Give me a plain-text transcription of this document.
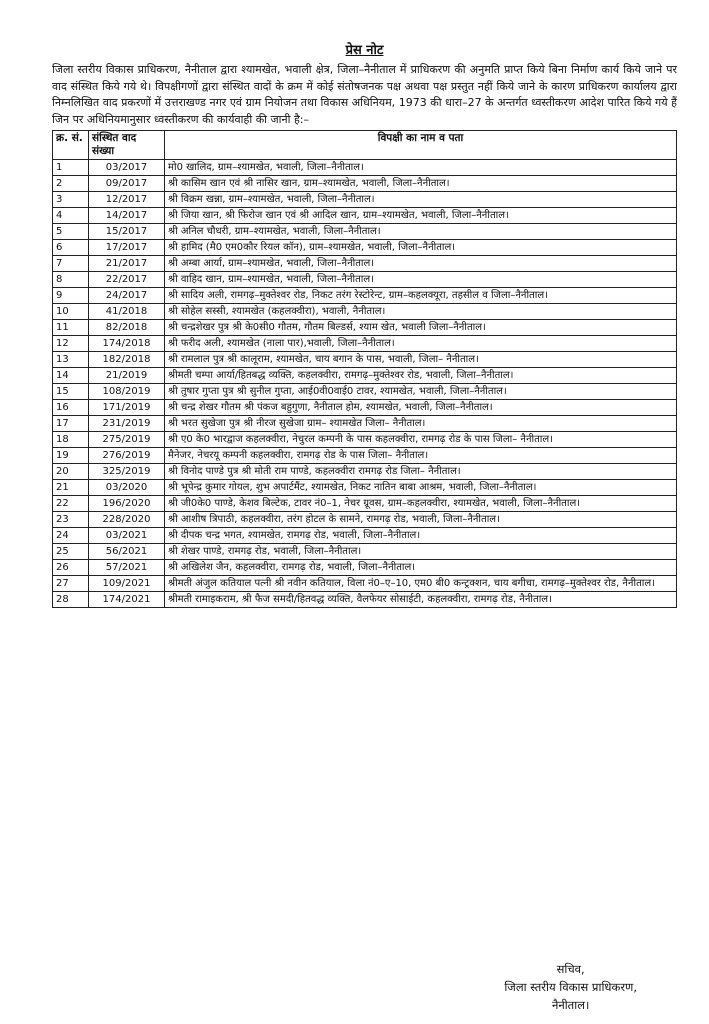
प्रेस नोट
जिला स्तरीय विकास प्राधिकरण, नैनीताल द्वारा श्यामखेत, भवाली क्षेत्र, जिला–नैनीताल में प्राधिकरण की अनुमति प्राप्त किये बिना निर्माण कार्य किये जाने पर वाद संस्थित किये गये थे। विपक्षीगणों द्वारा संस्थित वादों के क्रम में कोई संतोषजनक पक्ष अथवा पक्ष प्रस्तुत नहीं किये जाने के कारण प्राधिकरण कार्यालय द्वारा निम्नलिखित वाद प्रकरणों में उत्तराखण्ड नगर एवं ग्राम नियोजन तथा विकास अधिनियम, 1973 की धारा–27 के अन्तर्गत ध्वस्तीकरण आदेश पारित किये गये हैं जिन पर अधिनियमानुसार ध्वस्तीकरण की कार्यवाही की जानी है:–
क्र. सं.	संस्थित वाद संख्या	विपक्षी का नाम व पता
1	03/2017	मो0 खालिद, ग्राम–श्यामखेत, भवाली, जिला–नैनीताल।
2	09/2017	श्री कासिम खान एवं श्री नासिर खान, ग्राम–श्यामखेत, भवाली, जिला–नैनीताल।
3	12/2017	श्री विक्रम खन्ना, ग्राम–श्यामखेत, भवाली, जिला–नैनीताल।
4	14/2017	श्री जिया खान, श्री फिरोज खान एवं श्री आदिल खान, ग्राम–श्यामखेत, भवाली, जिला–नैनीताल।
5	15/2017	श्री अनिल चौधरी, ग्राम–श्यामखेत, भवाली, जिला–नैनीताल।
6	17/2017	श्री हामिद (मै0 एम0कौर रियल कॉन), ग्राम–श्यामखेत, भवाली, जिला–नैनीताल।
7	21/2017	श्री अम्बा आर्या, ग्राम–श्यामखेत, भवाली, जिला–नैनीताल।
8	22/2017	श्री वाहिद खान, ग्राम–श्यामखेत, भवाली, जिला–नैनीताल।
9	24/2017	श्री सादिय अली, रामगढ़–मुक्तेश्वर रोड, निकट तरंग रेस्टोरेन्ट, ग्राम–कहलक्यूरा, तहसील व जिला–नैनीताल।
10	41/2018	श्री सोहेल सस्सी, श्यामखेत (कहलक्वीरा), भवाली, नैनीताल।
11	82/2018	श्री चन्द्रशेखर पुत्र श्री के0सी0 गौतम, गौतम बिल्डर्स, श्याम खेत, भवाली जिला–नैनीताल।
12	174/2018	श्री फरीद अली, श्यामखेत (नाला पार),भवाली, जिला–नैनीताल।
13	182/2018	श्री रामलाल पुत्र श्री कालूराम, श्यामखेत, चाय बगान के पास, भवाली, जिला– नैनीताल।
14	21/2019	श्रीमती चम्पा आर्या/हितबद्ध व्यक्ति, कहलक्वीरा, रामगढ़–मुक्तेश्वर रोड, भवाली, जिला–नैनीताल।
15	108/2019	श्री तुषार गुप्ता पुत्र श्री सुनील गुप्ता, आई0वी0वाई0 टावर, श्यामखेत, भवाली, जिला–नैनीताल।
16	171/2019	श्री चन्द्र शेखर गौतम श्री पंकज बहुगुणा, नैनीताल होम, श्यामखेत, भवाली, जिला–नैनीताल।
17	231/2019	श्री भरत सुखेजा पुत्र श्री नीरज सुखेजा ग्राम– श्यामखेत जिला– नैनीताल।
18	275/2019	श्री ए0 के0 भारद्वाज कहलक्वीरा, नेचुरल कम्पनी के पास कहलक्वीरा, रामगढ़ रोड के पास जिला– नैनीताल।
19	276/2019	मैनेजर, नेचरयू कम्पनी कहलक्वीरा, रामगढ़ रोड के पास जिला– नैनीताल।
20	325/2019	श्री विनोद पाण्डे पुत्र श्री मोती राम पाण्डे, कहलक्वीरा रामगढ़ रोड जिला– नैनीताल।
21	03/2020	श्री भूपेन्द्र कुमार गोयल, शुभ अपार्टमैंट, श्यामखेत, निकट नातिन बाबा आश्रम, भवाली, जिला–नैनीताल।
22	196/2020	श्री जी0के0 पाण्डे, केशव बिल्टेक, टावर नं0–1, नेचर ग्रूवस, ग्राम–कहलक्वीरा, श्यामखेत, भवाली, जिला–नैनीताल।
23	228/2020	श्री आशीष त्रिपाठी, कहलक्वीरा, तरंग होटल के सामने, रामगढ़ रोड, भवाली, जिला–नैनीताल।
24	03/2021	श्री दीपक चन्द्र भगत, श्यामखेत, रामगढ़ रोड, भवाली, जिला–नैनीताल।
25	56/2021	श्री शेखर पाण्डे, रामगढ़ रोड, भवाली, जिला–नैनीताल।
26	57/2021	श्री अखिलेश जैन, कहलक्वीरा, रामगढ़ रोड, भवाली, जिला–नैनीताल।
27	109/2021	श्रीमती अंजुल कतियाल पत्नी श्री नवीन कतियाल, विला नं0–ए–10, एम0 बी0 कन्ट्रक्शन, चाय बगीचा, रामगढ़–मुक्तेश्वर रोड, नैनीताल।
28	174/2021	श्रीमती रामाइकराम, श्री फैज समदी/हितवद्ध व्यक्ति, वैलफेयर सोसाईटी, कहलक्वीरा, रामगढ़ रोड, नैनीताल।
सचिव,
जिला स्तरीय विकास प्राधिकरण,
नैनीताल।
